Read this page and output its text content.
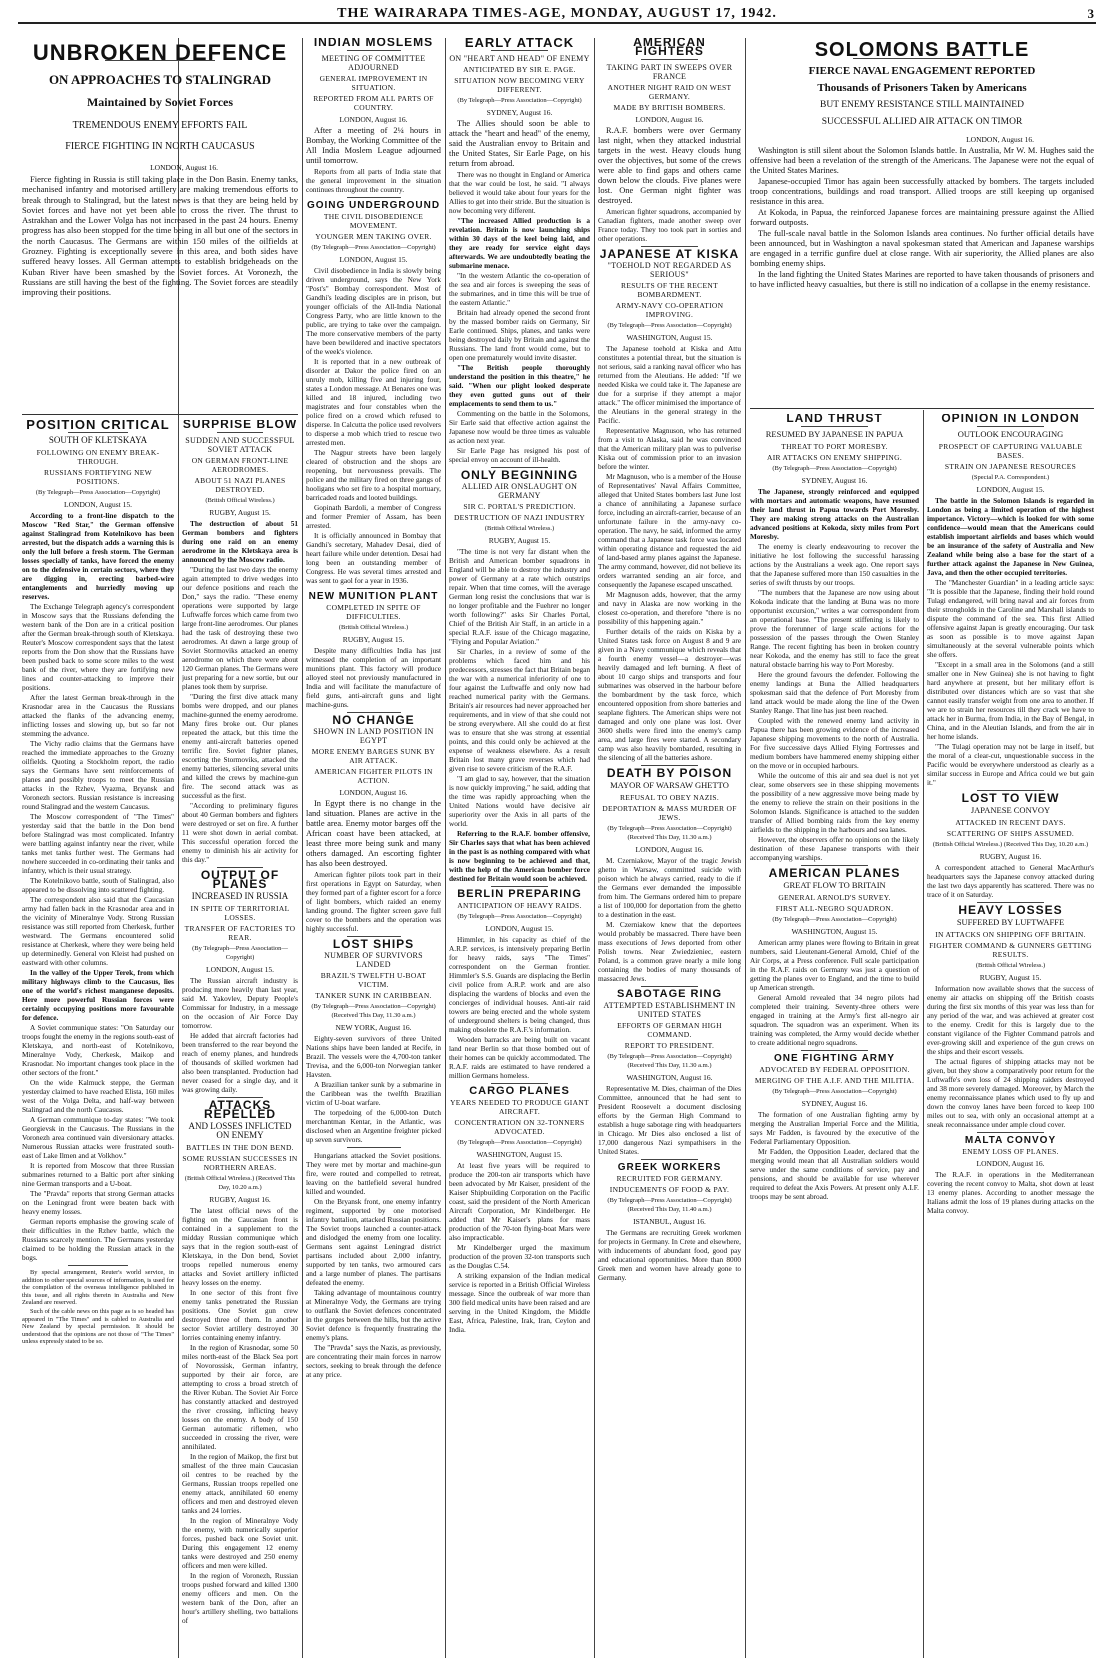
THE WAIRARAPA TIMES-AGE, MONDAY, AUGUST 17, 1942.	3
UNBROKEN DEFENCE
ON APPROACHES TO STALINGRAD
Maintained by Soviet Forces
TREMENDOUS ENEMY EFFORTS FAIL
FIERCE FIGHTING IN NORTH CAUCASUS
LONDON, August 16.

Fierce fighting in Russia is still taking place in the Don Basin. Enemy tanks, mechanised infantry and motorised artillery are making tremendous efforts to break through to Stalingrad, but the latest news is that they are being held by Soviet forces and have not yet been able to cross the river. The thrust to Astrakhan and the Lower Volga has not increased in the past 24 hours. Enemy progress has also been stopped for the time being in all but one of the sectors in the north Caucasus. The Germans are within 150 miles of the oilfields at Grozney. Fighting is exceptionally severe in this area, and both sides have suffered heavy losses. All German attempts to establish bridgeheads on the Kuban River have been smashed by the Soviet forces. At Voronezh, the Russians are still having the best of the fighting. The Soviet forces are steadily improving their positions.

POSITION CRITICAL
SOUTH OF KLETSKAYA
FOLLOWING ON ENEMY BREAK-THROUGH.
RUSSIANS FORTIFYING NEW POSITIONS.
(By Telegraph—Press Association—Copyright)
LONDON, August 15.

According to a front-line dispatch to the Moscow "Red Star," the German offensive against Stalingrad from Kotelnikovo has been arrested, but the dispatch adds a warning this is only the lull before a fresh storm. The German losses specially of tanks, have forced the enemy on to the defensive in certain sectors, where they are digging in, erecting barbed-wire entanglements and hurriedly moving up reserves.

The Exchange Telegraph agency's correspondent in Moscow says that the Russians defending the western bank of the Don are in a critical position after the German break-through south of Kletskaya. Reuter's Moscow correspondent says that the latest reports from the Don show that the Russians have been pushed back to some score miles to the west bank of the river, where they are fortifying new lines and counter-attacking to improve their positions.

After the latest German break-through in the Krasnodar area in the Caucasus the Russians attacked the flanks of the advancing enemy, inflicting losses and slowing up, but so far not stemming the advance.

The Vichy radio claims that the Germans have reached the immediate approaches to the Grozny oilfields. Quoting a Stockholm report, the radio says the Germans have sent reinforcements of planes and possibly troops to meet the Russian attacks in the Rzhev, Vyazma, Bryansk and Voronezh sectors. Russian resistance is increasing round Stalingrad and the western Caucasus.

The Moscow correspondent of "The Times" yesterday said that the battle in the Don bend before Stalingrad was most complicated. Infantry were battling against infantry near the river, while tanks met tanks further west. The Germans had nowhere succeeded in co-ordinating their tanks and infantry, which is their usual strategy.

The Kotelnikovo battle, south of Stalingrad, also appeared to be dissolving into scattered fighting.

The correspondent also said that the Caucasian army had fallen back in the Krasnodar area and in the vicinity of Mineralnye Vody. Strong Russian resistance was still reported from Cherkesk, further westward. The Germans encountered solid resistance at Cherkesk, where they were being held up determinedly. General von Kleist had pushed on eastward with other columns.

In the valley of the Upper Terek, from which military highways climb to the Caucasus, lies one of the world's richest manganese deposits. Here more powerful Russian forces were certainly occupying positions more favourable for defence.

A Soviet communique states: "On Saturday our troops fought the enemy in the regions south-east of Kletskaya, and north-east of Kotelnikovo, Mineralnye Vody, Cherkesk, Maikop and Krasnodar. No important changes took place in the other sectors of the front."

On the wide Kalmuck steppe, the German yesterday claimed to have reached Elista, 160 miles west of the Volga Delta, and half-way between Stalingrad and the north Caucasus.

A German communique to-day states: "We took Georgievsk in the Caucasus. The Russians in the Voronezh area continued vain diversionary attacks. Numerous Russian attacks were frustrated south-east of Lake Ilmen and at Volkhov."

It is reported from Moscow that three Russian submarines returned to a Baltic port after sinking nine German transports and a U-boat.

The "Pravda" reports that strong German attacks on the Leningrad front were beaten back with heavy enemy losses.

German reports emphasise the growing scale of their difficulties in the Rzhev battle, which the Russians scarcely mention. The Germans yesterday claimed to be holding the Russian attack in the bogs.

By special arrangement, Reuter's world service, in addition to other special sources of information, is used for the compilation of the overseas intelligence published in this issue, and all rights therein in Australia and New Zealand are reserved.

Such of the cable news on this page as is so headed has appeared in "The Times" and is cabled to Australia and New Zealand by special permission. It should be understood that the opinions are not those of "The Times" unless expressly stated to be so.

SURPRISE BLOW
SUDDEN AND SUCCESSFUL SOVIET ATTACK
ON GERMAN FRONT-LINE AERODROMES.
ABOUT 51 NAZI PLANES DESTROYED.
(British Official Wireless.)
RUGBY, August 15.

The destruction of about 51 German bombers and fighters during one raid on an enemy aerodrome in the Kletskaya area is announced by the Moscow radio.

"During the last two days the enemy again attempted to drive wedges into our defence positions and reach the Don," says the radio. "These enemy operations were supported by large Luftwaffe forces which came from two large front-line aerodromes. Our planes had the task of destroying these two aerodromes. At dawn a large group of Soviet Stormoviks attacked an enemy aerodrome on which there were about 120 German planes. The Germans were just preparing for a new sortie, but our planes took them by surprise.

"During the first dive attack many bombs were dropped, and our planes machine-gunned the enemy aerodrome. Many fires broke out. Our planes repeated the attack, but this time the enemy anti-aircraft batteries opened terrific fire. Soviet fighter planes, escorting the Stormoviks, attacked the enemy batteries, silencing several units and killed the crews by machine-gun fire. The second attack was as successful as the first.

"According to preliminary figures about 40 German bombers and fighters were destroyed or set on fire. A further 11 were shot down in aerial combat. This successful operation forced the enemy to diminish his air activity for this day."

OUTPUT OF PLANES
INCREASED IN RUSSIA
IN SPITE OF TERRITORIAL LOSSES.
TRANSFER OF FACTORIES TO REAR.
(By Telegraph—Press Association—Copyright)
LONDON, August 15.

The Russian aircraft industry is producing more heavily than last year, said M. Yakovlev, Deputy People's Commissar for Industry, in a message on the occasion of Air Force Day tomorrow.

He added that aircraft factories had been transferred to the rear beyond the reach of enemy planes, and hundreds of thousands of skilled workmen had also been transplanted. Production had never ceased for a single day, and it was growing daily.

ATTACKS REPELLED
AND LOSSES INFLICTED ON ENEMY
BATTLES IN THE DON BEND.
SOME RUSSIAN SUCCESSES IN NORTHERN AREAS.
(British Official Wireless.) (Received This Day, 10.20 a.m.)
RUGBY, August 16.

The latest official news of the fighting on the Caucasian front is contained in a supplement to the midday Russian communique which says that in the region south-east of Kletskaya, in the Don bend, Soviet troops repelled numerous enemy attacks and Soviet artillery inflicted heavy losses on the enemy.

In one sector of this front five enemy tanks penetrated the Russian positions. One Soviet gun crew destroyed three of them. In another sector Soviet artillery destroyed 30 lorries containing enemy infantry.

In the region of Krasnodar, some 50 miles north-east of the Black Sea port of Novorossisk, German infantry, supported by their air force, are attempting to cross a broad stretch of the River Kuban. The Soviet Air Force has constantly attacked and destroyed the river crossing, inflicting heavy losses on the enemy. A body of 150 German automatic riflemen, who succeeded in crossing the river, were annihilated.

In the region of Maikop, the first but smallest of the three main Caucasian oil centres to be reached by the Germans, Russian troops repelled one enemy attack, annihilated 60 enemy officers and men and destroyed eleven tanks and 24 lorries.

In the region of Mineralnye Vody the enemy, with numerically superior forces, pushed back one Soviet unit. During this engagement 12 enemy tanks were destroyed and 250 enemy officers and men were killed.

In the region of Voronezh, Russian troops pushed forward and killed 1300 enemy officers and men. On the western bank of the Don, after an hour's artillery shelling, two battalions of

INDIAN MOSLEMS
MEETING OF COMMITTEE ADJOURNED
GENERAL IMPROVEMENT IN SITUATION.
REPORTED FROM ALL PARTS OF COUNTRY.
LONDON, August 16.

After a meeting of 2¼ hours in Bombay, the Working Committee of the All India Moslem League adjourned until tomorrow.

Reports from all parts of India state that the general improvement in the situation continues throughout the country.

GOING UNDERGROUND
THE CIVIL DISOBEDIENCE MOVEMENT.
YOUNGER MEN TAKING OVER.
(By Telegraph—Press Association—Copyright)
LONDON, August 15.

Civil disobedience in India is slowly being driven underground, says the New York "Post's" Bombay correspondent. Most of Gandhi's leading disciples are in prison, but younger officials of the All-India National Congress Party, who are little known to the public, are trying to take over the campaign. The more conservative members of the party have been bewildered and inactive spectators of the week's violence.

It is reported that in a new outbreak of disorder at Dakor the police fired on an unruly mob, killing five and injuring four, states a London message. At Benares one was killed and 18 injured, including two magistrates and four constables when the police fired on a crowd which refused to disperse. In Calcutta the police used revolvers to disperse a mob which tried to rescue two arrested men.

The Nagpur streets have been largely cleared of obstruction and the shops are reopening, but nervousness prevails. The police and the military fired on three gangs of hooligans who set fire to a hospital mortuary, barricaded roads and looted buildings.

Gopinath Bardoli, a member of Congress and former Premier of Assam, has been arrested.

It is officially announced in Bombay that Gandhi's secretary, Mahadev Desai, died of heart failure while under detention. Desai had long been an outstanding member of Congress. He was several times arrested and was sent to gaol for a year in 1936.

NEW MUNITION PLANT
COMPLETED IN SPITE OF DIFFICULTIES.
(British Official Wireless.)
RUGBY, August 15.

Despite many difficulties India has just witnessed the completion of an important munitions plant. This factory will produce alloyed steel not previously manufactured in India and will facilitate the manufacture of field guns, anti-aircraft guns and light machine-guns.

NO CHANGE
SHOWN IN LAND POSITION IN EGYPT
MORE ENEMY BARGES SUNK BY AIR ATTACK.
AMERICAN FIGHTER PILOTS IN ACTION.
LONDON, August 16.

In Egypt there is no change in the land situation. Planes are active in the battle area. Enemy motor barges off the African coast have been attacked, at least three more being sunk and many others damaged. An escorting fighter has also been destroyed.

American fighter pilots took part in their first operations in Egypt on Saturday, when they formed part of a fighter escort for a force of light bombers, which raided an enemy landing ground. The fighter screen gave full cover to the bombers and the operation was highly successful.

LOST SHIPS
NUMBER OF SURVIVORS LANDED
BRAZIL'S TWELFTH U-BOAT VICTIM.
TANKER SUNK IN CARIBBEAN.
(By Telegraph—Press Association—Copyright) (Received This Day, 11.30 a.m.)
NEW YORK, August 16.

Eighty-seven survivors of three United Nations ships have been landed at Recife, in Brazil. The vessels were the 4,700-ton tanker Trevisa, and the 6,000-ton Norwegian tanker Havsten.

A Brazilian tanker sunk by a submarine in the Caribbean was the twelfth Brazilian victim of U-boat warfare.

The torpedoing of the 6,000-ton Dutch merchantman Kentar, in the Atlantic, was disclosed when an Argentine freighter picked up seven survivors.

Hungarians attacked the Soviet positions. They were met by mortar and machine-gun fire, were routed and compelled to retreat, leaving on the battlefield several hundred killed and wounded.

On the Bryansk front, one enemy infantry regiment, supported by one motorised infantry battalion, attacked Russian positions. The Soviet troops launched a counter-attack and dislodged the enemy from one locality. Germans sent against Leningrad district partisans included about 2,000 infantry, supported by ten tanks, two armoured cars and a large number of planes. The partisans defeated the enemy.

Taking advantage of mountainous country at Mineralnye Vody, the Germans are trying to outflank the Soviet defences concentrated in the gorges between the hills, but the active Soviet defence is frequently frustrating the enemy's plans.

The "Pravda" says the Nazis, as previously, are concentrating their main forces in narrow sectors, seeking to break through the defence at any price.

EARLY ATTACK
ON "HEART AND HEAD" OF ENEMY
ANTICIPATED BY SIR E. PAGE.
SITUATION NOW BECOMING VERY DIFFERENT.
(By Telegraph—Press Association—Copyright)
SYDNEY, August 16.

The Allies should soon be able to attack the "heart and head" of the enemy, said the Australian envoy to Britain and the United States, Sir Earle Page, on his return from abroad.

There was no thought in England or America that the war could be lost, he said. "I always believed it would take about four years for the Allies to get into their stride. But the situation is now becoming very different.

"The increased Allied production is a revelation. Britain is now launching ships within 30 days of the keel being laid, and they are ready for service eight days afterwards. We are undoubtedly beating the submarine menace.

"In the western Atlantic the co-operation of the sea and air forces is sweeping the seas of the submarines, and in time this will be true of the eastern Atlantic."

Britain had already opened the second front by the massed bomber raids on Germany, Sir Earle continued. Ships, planes, and tanks were being destroyed daily by Britain and against the Russians. The land front would come, but to open one prematurely would invite disaster.

"The British people thoroughly understand the position in this theatre," he said. "When our plight looked desperate they even gutted guns out of their emplacements to send them to us."

Commenting on the battle in the Solomons, Sir Earle said that effective action against the Japanese now would be three times as valuable as action next year.

Sir Earle Page has resigned his post of special envoy on account of ill-health.

ONLY BEGINNING
ALLIED AIR ONSLAUGHT ON GERMANY
SIR C. PORTAL'S PREDICTION.
DESTRUCTION OF NAZI INDUSTRY
(British Official Wireless.)
RUGBY, August 15.

"The time is not very far distant when the British and American bomber squadrons in England will be able to destroy the industry and power of Germany at a rate which outstrips repair. When that time comes, will the average German long resist the conclusions that war is no longer profitable and the Fuehrer no longer worth following?" asks Sir Charles Portal, Chief of the British Air Staff, in an article in a special R.A.F. issue of the Chicago magazine, "Flying and Popular Aviation."

Sir Charles, in a review of some of the problems which faced him and his predecessors, stresses the fact that Britain began the war with a numerical inferiority of one to four against the Luftwaffe and only now had reached numerical parity with the Germans. Britain's air resources had never approached her requirements, and in view of that she could not be strong everywhere. All she could do at first was to ensure that she was strong at essential points, and this could only be achieved at the expense of weakness elsewhere. As a result Britain lost many grave reverses which had given rise to severe criticism of the R.A.F.

"I am glad to say, however, that the situation is now quickly improving," he said, adding that the time was rapidly approaching when the United Nations would have decisive air superiority over the Axis in all parts of the world.

Referring to the R.A.F. bomber offensive, Sir Charles says that what has been achieved in the past is as nothing compared with what is now beginning to be achieved and that, with the help of the American bomber force destined for Britain would soon be achieved.

BERLIN PREPARING
ANTICIPATION OF HEAVY RAIDS.
(By Telegraph—Press Association—Copyright)
LONDON, August 15.

Himmler, in his capacity as chief of the A.R.P. services, is intensively preparing Berlin for heavy raids, says "The Times" correspondent on the German frontier. Himmler's S.S. Guards are displacing the Berlin civil police from A.R.P. work and are also displacing the wardens of blocks and even the concierges of individual houses. Anti-air raid towers are being erected and the whole system of underground shelters is being changed, thus making obsolete the R.A.F.'s information.

Wooden barracks are being built on vacant land near Berlin so that those bombed out of their homes can be quickly accommodated. The R.A.F. raids are estimated to have rendered a million Germans homeless.

CARGO PLANES
YEARS NEEDED TO PRODUCE GIANT AIRCRAFT.
CONCENTRATION ON 32-TONNERS ADVOCATED.
(By Telegraph—Press Association—Copyright)
WASHINGTON, August 15.

At least five years will be required to produce the 200-ton air transports which have been advocated by Mr Kaiser, president of the Kaiser Shipbuilding Corporation on the Pacific coast, said the president of the North American Aircraft Corporation, Mr Kindelberger. He added that Mr Kaiser's plans for mass production of the 70-ton flying-boat Mars were also impracticable.

Mr Kindelberger urged the maximum production of the proven 32-ton transports such as the Douglas C.54.

A striking expansion of the Indian medical service is reported in a British Official Wireless message. Since the outbreak of war more than 300 field medical units have been raised and are serving in the United Kingdom, the Middle East, Africa, Palestine, Irak, Iran, Ceylon and India.

AMERICAN FIGHTERS
TAKING PART IN SWEEPS OVER FRANCE
ANOTHER NIGHT RAID ON WEST GERMANY.
MADE BY BRITISH BOMBERS.
LONDON, August 16.

R.A.F. bombers were over Germany last night, when they attacked industrial targets in the west. Heavy clouds hung over the objectives, but some of the crews were able to find gaps and others came down below the clouds. Five planes were lost. One German night fighter was destroyed.

American fighter squadrons, accompanied by Canadian fighters, made another sweep over France today. They too took part in sorties and other operations.

JAPANESE AT KISKA
"TOEHOLD NOT REGARDED AS SERIOUS"
RESULTS OF THE RECENT BOMBARDMENT.
ARMY-NAVY CO-OPERATION IMPROVING.
(By Telegraph—Press Association—Copyright)
WASHINGTON, August 15.

The Japanese toehold at Kiska and Attu constitutes a potential threat, but the situation is not serious, said a ranking naval officer who has returned from the Aleutians. He added: "If we needed Kiska we could take it. The Japanese are due for a surprise if they attempt a major attack." The officer minimised the importance of the Aleutians in the general strategy in the Pacific.

Representative Magnuson, who has returned from a visit to Alaska, said he was convinced that the American military plan was to pulverise Kiska out of commission prior to an invasion before the winter.

Mr Magnuson, who is a member of the House of Representatives' Naval Affairs Committee, alleged that United States bombers last June lost a chance of annihilating a Japanese surface force, including an aircraft-carrier, because of an unfortunate failure in the army-navy co-operation. The navy, he said, informed the army command that a Japanese task force was located within operating distance and requested the aid of land-based army planes against the Japanese. The army command, however, did not believe its orders warranted sending an air force, and consequently the Japanese escaped unscathed.

Mr Magnuson adds, however, that the army and navy in Alaska are now working in the closest co-operation, and therefore "there is no possibility of this happening again."

Further details of the raids on Kiska by a United States task force on August 8 and 9 are given in a Navy communique which reveals that a fourth enemy vessel—a destroyer—was heavily damaged and left burning. A fleet of about 10 cargo ships and transports and four submarines was observed in the harbour before the bombardment by the task force, which encountered opposition from shore batteries and seaplane fighters. The American ships were not damaged and only one plane was lost. Over 3600 shells were fired into the enemy's camp area, and large fires were started. A secondary camp was also heavily bombarded, resulting in the silencing of all the batteries ashore.

DEATH BY POISON
MAYOR OF WARSAW GHETTO
REFUSAL TO OBEY NAZIS.
DEPORTATION & MASS MURDER OF JEWS.
(By Telegraph—Press Association—Copyright) (Received This Day, 11.30 a.m.)
LONDON, August 16.

M. Czerniakow, Mayor of the tragic Jewish ghetto in Warsaw, committed suicide with poison which he always carried, ready to die if the Germans ever demanded the impossible from him. The Germans ordered him to prepare a list of 100,000 for deportation from the ghetto to a destination in the east.

M. Czerniakow knew that the deportees would probably be massacred. There have been mass executions of Jews deported from other Polish towns. Near Zwiedzieniec, eastern Poland, is a common grave nearly a mile long containing the bodies of many thousands of massacred Jews.

SABOTAGE RING
ATTEMPTED ESTABLISHMENT IN UNITED STATES
EFFORTS OF GERMAN HIGH COMMAND.
REPORT TO PRESIDENT.
(By Telegraph—Press Association—Copyright) (Received This Day, 11.30 a.m.)
WASHINGTON, August 16.

Representative M. Dies, chairman of the Dies Committee, announced that he had sent to President Roosevelt a document disclosing efforts by the German High Command to establish a huge sabotage ring with headquarters in Chicago. Mr Dies also enclosed a list of 17,000 dangerous Nazi sympathisers in the United States.

GREEK WORKERS
RECRUITED FOR GERMANY.
INDUCEMENTS OF FOOD & PAY.
(By Telegraph—Press Association—Copyright) (Received This Day, 11.40 a.m.)
ISTANBUL, August 16.

The Germans are recruiting Greek workmen for projects in Germany. In Crete and elsewhere, with inducements of abundant food, good pay and educational opportunities. More than 8000 Greek men and women have already gone to Germany.

SOLOMONS BATTLE
FIERCE NAVAL ENGAGEMENT REPORTED
Thousands of Prisoners Taken by Americans
BUT ENEMY RESISTANCE STILL MAINTAINED
SUCCESSFUL ALLIED AIR ATTACK ON TIMOR
LONDON, August 16.

Washington is still silent about the Solomon Islands battle. In Australia, Mr W. M. Hughes said the offensive had been a revelation of the strength of the Americans. The Japanese were not the equal of the United States Marines.

Japanese-occupied Timor has again been successfully attacked by bombers. The targets included troop concentrations, buildings and road transport. Allied troops are still keeping up organised resistance in this area.

At Kokoda, in Papua, the reinforced Japanese forces are maintaining pressure against the Allied forward outposts.

The full-scale naval battle in the Solomon Islands area continues. No further official details have been announced, but in Washington a naval spokesman stated that American and Japanese warships are engaged in a terrific gunfire duel at close range. With air superiority, the Allied planes are also bombing enemy ships.

In the land fighting the United States Marines are reported to have taken thousands of prisoners and to have inflicted heavy casualties, but there is still no indication of a collapse in the enemy resistance.

LAND THRUST
RESUMED BY JAPANESE IN PAPUA
THREAT TO PORT MORESBY.
AIR ATTACKS ON ENEMY SHIPPING.
(By Telegraph—Press Association—Copyright)
SYDNEY, August 16.

The Japanese, strongly reinforced and equipped with mortars and automatic weapons, have resumed their land thrust in Papua towards Port Moresby. They are making strong attacks on the Australian advanced positions at Kokoda, sixty miles from Port Moresby.

The enemy is clearly endeavouring to recover the initiative he lost following the successful harassing actions by the Australians a week ago. One report says that the Japanese suffered more than 150 casualties in the series of swift thrusts by our troops.

"The numbers that the Japanese are now using about Kokoda indicate that the landing at Buna was no more opportunist excursion," writes a war correspondent from an operational base. "The present stiffening is likely to prove the forerunner of large scale actions for the possession of the passes through the Owen Stanley Range. The recent fighting has been in broken country near Kokoda, and the enemy has still to face the great natural obstacle barring his way to Port Moresby.

Here the ground favours the defender. Following the enemy landings at Buna the Allied headquarters spokesman said that the defence of Port Moresby from land attack would be made along the line of the Owen Stanley Range. That line has just been reached.

Coupled with the renewed enemy land activity in Papua there has been growing evidence of the increased Japanese shipping movements to the north of Australia. For five successive days Allied Flying Fortresses and medium bombers have hammered enemy shipping either on the move or in occupied harbours.

While the outcome of this air and sea duel is not yet clear, some observers see in these shipping movements the possibility of a new aggressive move being made by the enemy to relieve the strain on their positions in the Solomon Islands. Significance is attached to the sudden transfer of Allied bombing raids from the key enemy airfields to the shipping in the harbours and sea lanes.

However, the observers offer no opinions on the likely destination of these Japanese transports with their accompanying warships.

AMERICAN PLANES
GREAT FLOW TO BRITAIN
GENERAL ARNOLD'S SURVEY.
FIRST ALL-NEGRO SQUADRON.
(By Telegraph—Press Association—Copyright)
WASHINGTON, August 15.

American army planes were flowing to Britain in great numbers, said Lieutenant-General Arnold, Chief of the Air Corps, at a Press conference. Full scale participation in the R.A.F. raids on Germany was just a question of getting the planes over to England, and the time to build up American strength.

General Arnold revealed that 34 negro pilots had completed their training. Seventy-three others were engaged in training at the Army's first all-negro air squadron. The squadron was an experiment. When its training was completed, the Army would decide whether to create additional negro squadrons.

ONE FIGHTING ARMY
ADVOCATED BY FEDERAL OPPOSITION.
MERGING OF THE A.I.F. AND THE MILITIA.
(By Telegraph—Press Association—Copyright)
SYDNEY, August 16.

The formation of one Australian fighting army by merging the Australian Imperial Force and the Militia, says Mr Fadden, is favoured by the executive of the Federal Parliamentary Opposition.

Mr Fadden, the Opposition Leader, declared that the merging would mean that all Australian soldiers would serve under the same conditions of service, pay and pensions, and should be available for use wherever required to defeat the Axis Powers. At present only A.I.F. troops may be sent abroad.

OPINION IN LONDON
OUTLOOK ENCOURAGING
PROSPECT OF CAPTURING VALUABLE BASES.
STRAIN ON JAPANESE RESOURCES
(Special P.A. Correspondent.)
LONDON, August 15.

The battle in the Solomon Islands is regarded in London as being a limited operation of the highest importance. Victory—which is looked for with some confidence—would mean that the Americans could establish important airfields and bases which would be an insurance of the safety of Australia and New Zealand while being also a base for the start of a further attack against the Japanese in New Guinea, Java, and then the other occupied territories.

The "Manchester Guardian" in a leading article says: "It is possible that the Japanese, finding their hold round Tulagi endangered, will bring naval and air forces from their strongholds in the Caroline and Marshall islands to dispute the command of the sea. This first Allied offensive against Japan is greatly encouraging. Our task as soon as possible is to move against Japan simultaneously at the several vulnerable points which she offers.

"Except in a small area in the Solomons (and a still smaller one in New Guinea) she is not having to fight hard anywhere at present, but her military effort is distributed over distances which are so vast that she cannot easily transfer weight from one area to another. If we are to strain her resources till they crack we have to attack her in Burma, from India, in the Bay of Bengal, in China, and in the Aleutian Islands, and from the air in her home islands.

"The Tulagi operation may not be large in itself, but the moral of a clear-cut, unquestionable success in the Pacific would be everywhere understood as clearly as a similar success in Europe and Africa could we but gain it."

LOST TO VIEW
JAPANESE CONVOY
ATTACKED IN RECENT DAYS.
SCATTERING OF SHIPS ASSUMED.
(British Official Wireless.) (Received This Day, 10.20 a.m.)
RUGBY, August 16.

A correspondent attached to General MacArthur's headquarters says the Japanese convoy attacked during the last two days apparently has scattered. There was no trace of it on Saturday.

HEAVY LOSSES
SUFFERED BY LUFTWAFFE
IN ATTACKS ON SHIPPING OFF BRITAIN.
FIGHTER COMMAND & GUNNERS GETTING RESULTS.
(British Official Wireless.)
RUGBY, August 15.

Information now available shows that the success of enemy air attacks on shipping off the British coasts during the first six months of this year was less than for any period of the war, and was achieved at greater cost to the enemy. Credit for this is largely due to the constant vigilance of the Fighter Command patrols and ever-growing skill and experience of the gun crews on the ships and their escort vessels.

The actual figures of shipping attacks may not be given, but they show a comparatively poor return for the Luftwaffe's own loss of 24 shipping raiders destroyed and 38 more severely damaged. Moreover, by March the enemy reconnaissance planes which used to fly up and down the convoy lanes have been forced to keep 100 miles out to sea, with only an occasional attempt at a sneak reconnaissance under ample cloud cover.

MALTA CONVOY
ENEMY LOSS OF PLANES.
LONDON, August 16.

The R.A.F. in operations in the Mediterranean covering the recent convoy to Malta, shot down at least 13 enemy planes. According to another message the Italians admit the loss of 19 planes during attacks on the Malta convoy.
